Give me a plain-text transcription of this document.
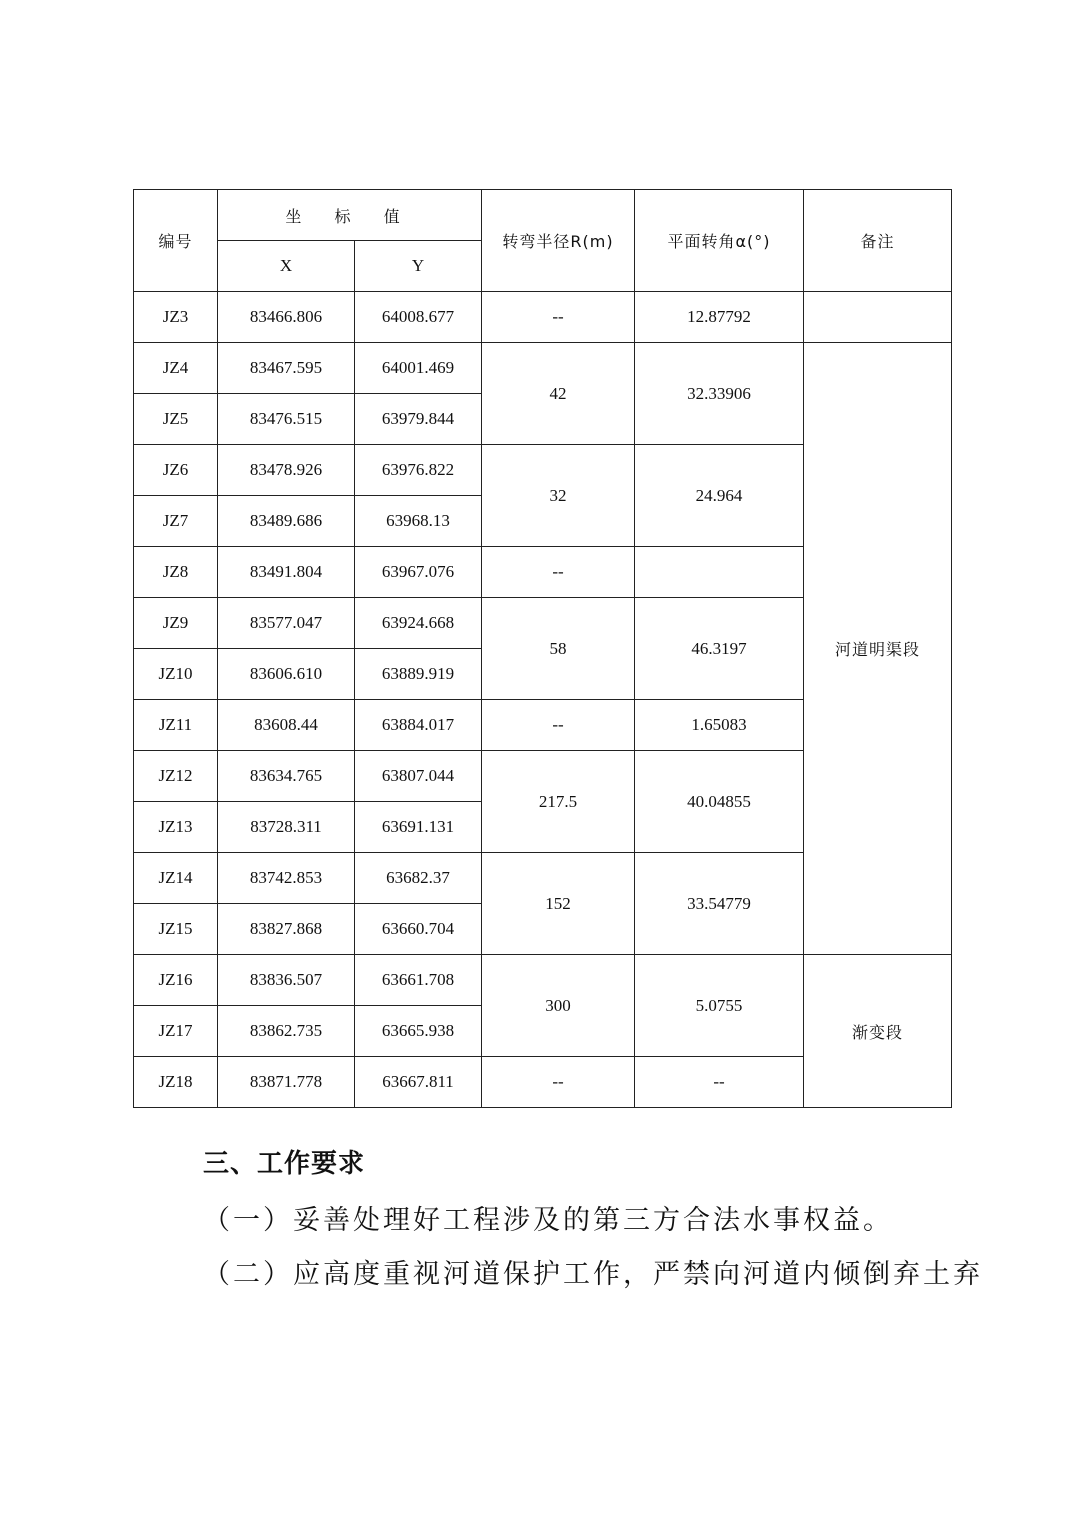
编号	坐 标 值		转弯半径R(m)	平面转角α(°)	备注
	X	Y			
JZ3	83466.806	64008.677	--	12.87792	
JZ4	83467.595	64001.469	42	32.33906	河道明渠段
JZ5	83476.515	63979.844			
JZ6	83478.926	63976.822	32	24.964	
JZ7	83489.686	63968.13			
JZ8	83491.804	63967.076	--		
JZ9	83577.047	63924.668	58	46.3197	
JZ10	83606.610	63889.919			
JZ11	83608.44	63884.017	--	1.65083	
JZ12	83634.765	63807.044	217.5	40.04855	
JZ13	83728.311	63691.131			
JZ14	83742.853	63682.37	152	33.54779	
JZ15	83827.868	63660.704			
JZ16	83836.507	63661.708	300	5.0755	渐变段
JZ17	83862.735	63665.938			
JZ18	83871.778	63667.811	--	--	
三、工作要求
（一）妥善处理好工程涉及的第三方合法水事权益。
（二）应高度重视河道保护工作，严禁向河道内倾倒弃土弃
